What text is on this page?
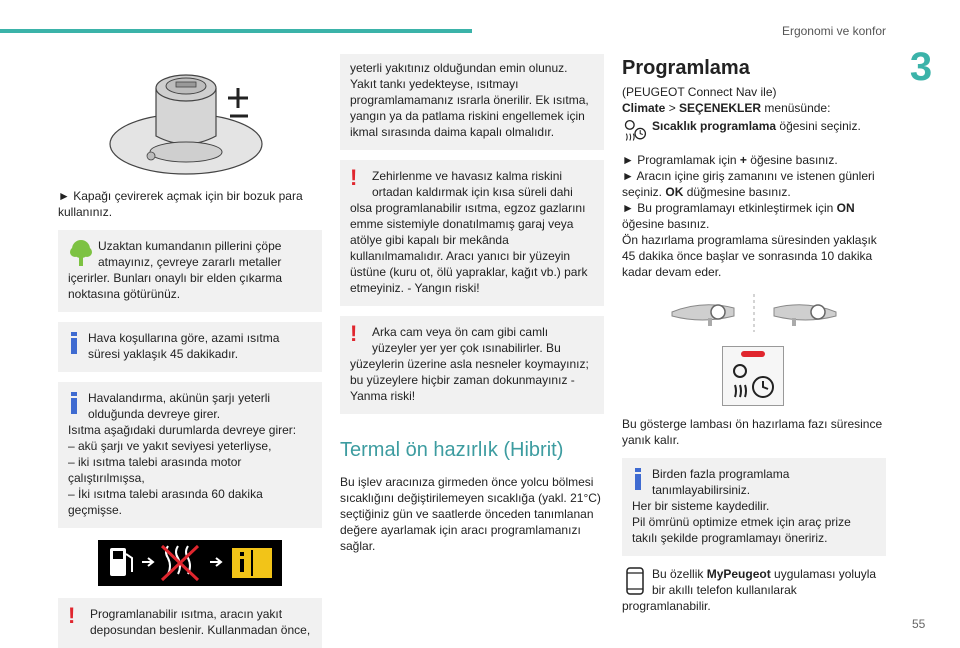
Ergonomi ve konfor
3
55

► Kapağı çevirerek açmak için bir bozuk para kullanınız.

Uzaktan kumandanın pillerini çöpe atmayınız, çevreye zararlı metaller içerirler. Bunları onaylı bir elden çıkarma noktasına götürünüz.

Hava koşullarına göre, azami ısıtma süresi yaklaşık 45 dakikadır.

Havalandırma, akünün şarjı yeterli olduğunda devreye girer.

Isıtma aşağıdaki durumlarda devreye girer:

– akü şarjı ve yakıt seviyesi yeterliyse,

– iki ısıtma talebi arasında motor çalıştırılmışsa,

– İki ısıtma talebi arasında 60 dakika geçmişse.

!	Programlanabilir ısıtma, aracın yakıt deposundan beslenir. Kullanmadan önce,

yeterli yakıtınız olduğundan emin olunuz. Yakıt tankı yedekteyse, ısıtmayı programlamamanız ısrarla önerilir. Ek ısıtma, yangın ya da patlama riskini engellemek için ikmal sırasında daima kapalı olmalıdır.

!	Zehirlenme ve havasız kalma riskini ortadan kaldırmak için kısa süreli dahi olsa programlanabilir ısıtma, egzoz gazlarını emme sistemiyle donatılmamış garaj veya atölye gibi kapalı bir mekânda kullanılmamalıdır. Aracı yanıcı bir yüzeyin üstüne (kuru ot, ölü yapraklar, kağıt vb.) park etmeyiniz. - Yangın riski!

!	Arka cam veya ön cam gibi camlı yüzeyler yer yer çok ısınabilirler. Bu yüzeylerin üzerine asla nesneler koymayınız; bu yüzeylere hiçbir zaman dokunmayınız - Yanma riski!

Termal ön hazırlık (Hibrit)

Bu işlev aracınıza girmeden önce yolcu bölmesi sıcaklığını değiştirilemeyen sıcaklığa (yakl. 21°C) seçtiğiniz gün ve saatlerde önceden tanımlanan değere ayarlamak için aracı programlamanızı sağlar.

Programlama

(PEUGEOT Connect Nav ile)

Climate > SEÇENEKLER menüsünde:

Sıcaklık programlama öğesini seçiniz.

► Programlamak için + öğesine basınız.

► Aracın içine giriş zamanını ve istenen günleri seçiniz. OK düğmesine basınız.

► Bu programlamayı etkinleştirmek için ON öğesine basınız.

Ön hazırlama programlama süresinden yaklaşık 45 dakika önce başlar ve sonrasında 10 dakika kadar devam eder.

Bu gösterge lambası ön hazırlama fazı süresince yanık kalır.

Birden fazla programlama tanımlayabilirsiniz.

Her bir sisteme kaydedilir.

Pil ömrünü optimize etmek için araç prize takılı şekilde programlamayı öneririz.

Bu özellik MyPeugeot uygulaması yoluyla bir akıllı telefon kullanılarak programlanabilir.
